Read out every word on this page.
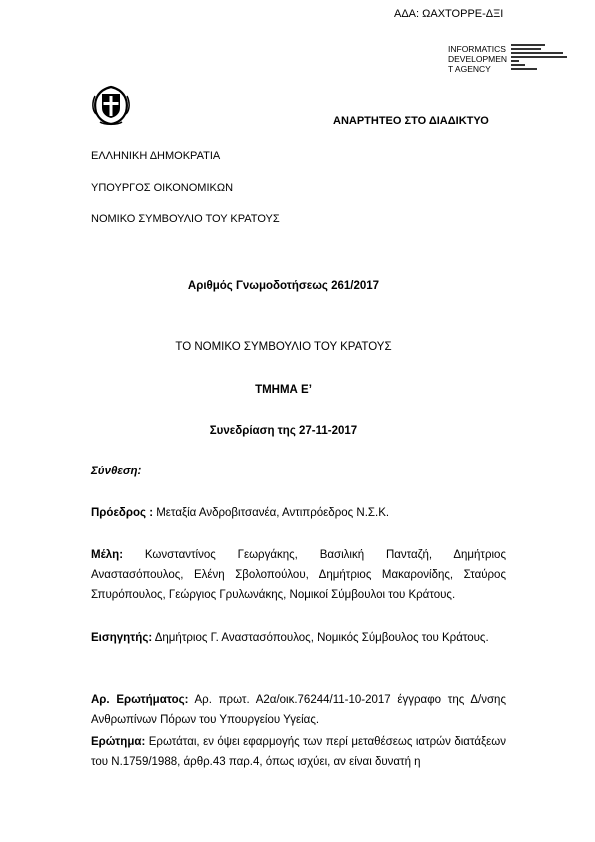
ΑΔΑ: ΩΑΧΤΟΡΡΕ-ΔΞΙ
INFORMATICS
DEVELOPMEN
T AGENCY
ΑΝΑΡΤΗΤΕΟ ΣΤΟ ΔΙΑΔΙΚΤΥΟ
ΕΛΛΗΝΙΚΗ ΔΗΜΟΚΡΑΤΙΑ
ΥΠΟΥΡΓΟΣ ΟΙΚΟΝΟΜΙΚΩΝ
ΝΟΜΙΚΟ ΣΥΜΒΟΥΛΙΟ ΤΟΥ ΚΡΑΤΟΥΣ
Αριθμός Γνωμοδοτήσεως 261/2017
ΤΟ ΝΟΜΙΚΟ ΣΥΜΒΟΥΛΙΟ ΤΟΥ ΚΡΑΤΟΥΣ
ΤΜΗΜΑ Ε’
Συνεδρίαση της 27-11-2017
Σύνθεση:
Πρόεδρος : Μεταξία Ανδροβιτσανέα, Αντιπρόεδρος Ν.Σ.Κ.
Μέλη: Κωνσταντίνος Γεωργάκης, Βασιλική Πανταζή, Δημήτριος Αναστασόπουλος, Ελένη Σβολοπούλου, Δημήτριος Μακαρονίδης, Σταύρος Σπυρόπουλος, Γεώργιος Γρυλωνάκης, Νομικοί Σύμβουλοι του Κράτους.
Εισηγητής: Δημήτριος Γ. Αναστασόπουλος, Νομικός Σύμβουλος του Κράτους.
Αρ. Ερωτήματος: Αρ. πρωτ. Α2α/οικ.76244/11-10-2017 έγγραφο της Δ/νσης Ανθρωπίνων Πόρων του Υπουργείου Υγείας.
Ερώτημα: Ερωτάται, εν όψει εφαρμογής των περί μεταθέσεως ιατρών διατάξεων του Ν.1759/1988, άρθρ.43 παρ.4, όπως ισχύει, αν είναι δυνατή η
